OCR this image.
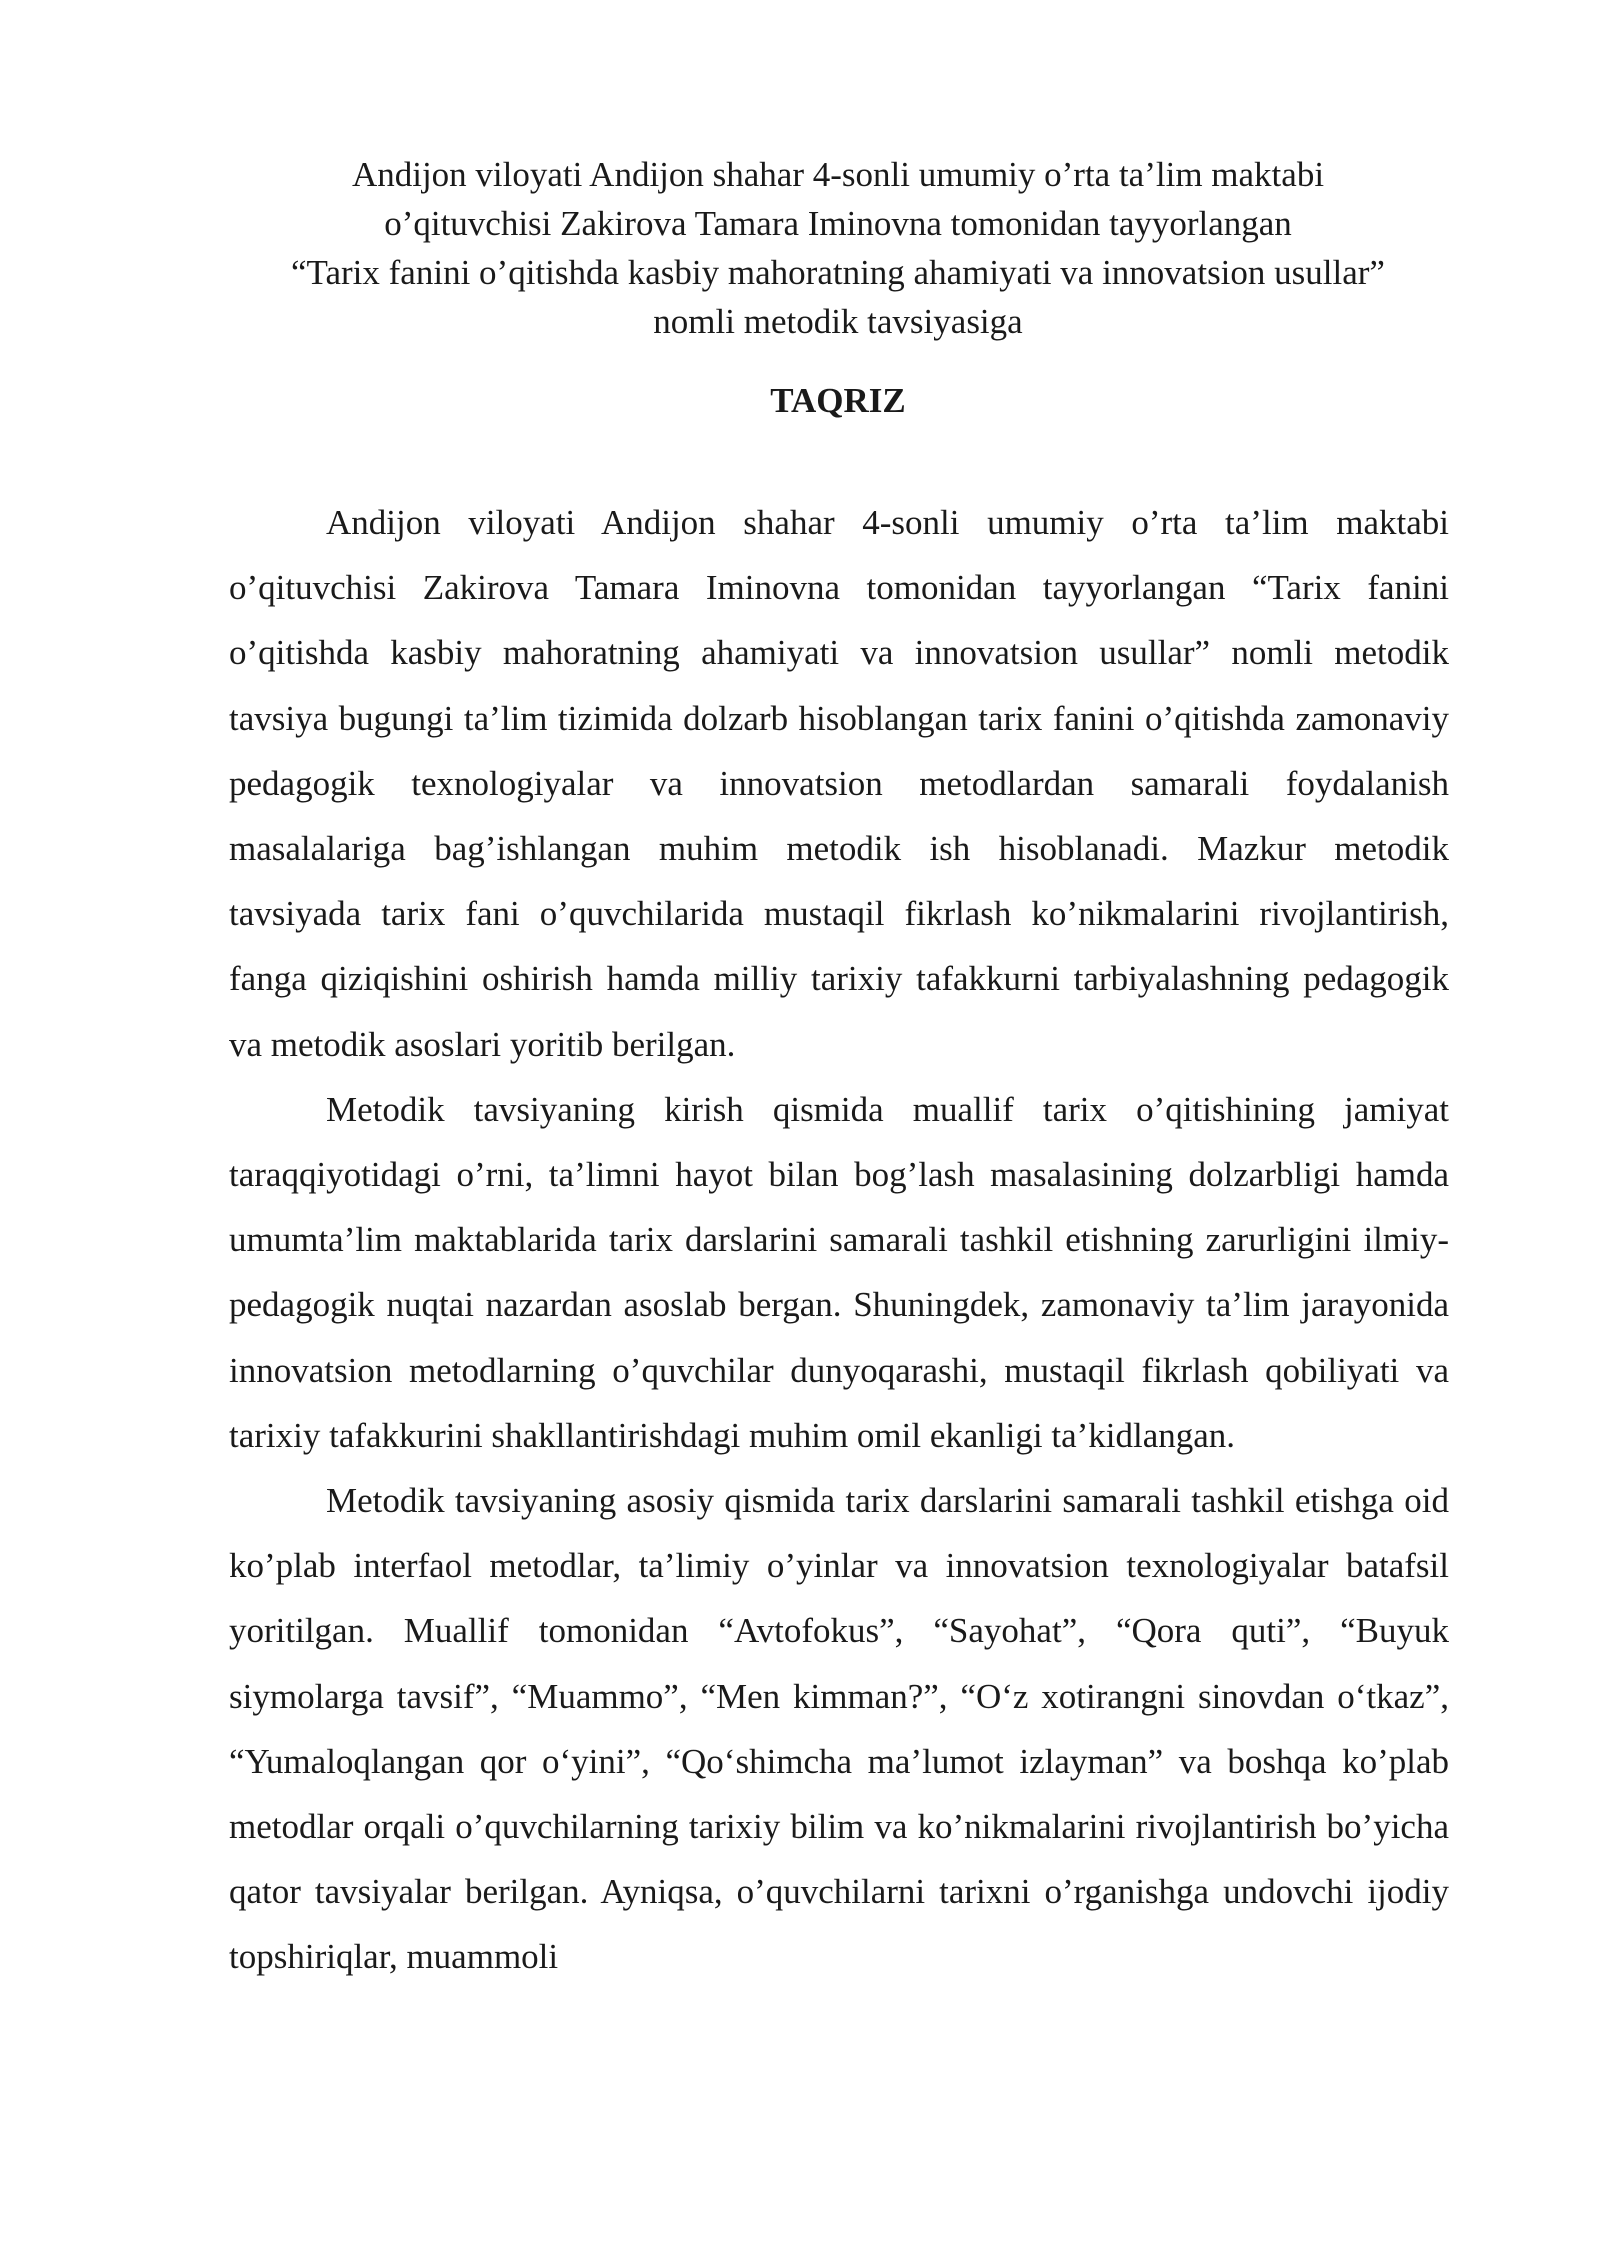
Andijon viloyati Andijon shahar 4-sonli umumiy o’rta ta’lim maktabi
o’qituvchisi Zakirova Tamara Iminovna tomonidan tayyorlangan
“Tarix fanini o’qitishda kasbiy mahoratning ahamiyati va innovatsion usullar”
nomli metodik tavsiyasiga
TAQRIZ

Andijon viloyati Andijon shahar 4-sonli umumiy o’rta ta’lim maktabi o’qituvchisi Zakirova Tamara Iminovna tomonidan tayyorlangan “Tarix fanini o’qitishda kasbiy mahoratning ahamiyati va innovatsion usullar” nomli metodik tavsiya bugungi ta’lim tizimida dolzarb hisoblangan tarix fanini o’qitishda zamonaviy pedagogik texnologiyalar va innovatsion metodlardan samarali foydalanish masalalariga bag’ishlangan muhim metodik ish hisoblanadi. Mazkur metodik tavsiyada tarix fani o’quvchilarida mustaqil fikrlash ko’nikmalarini rivojlantirish, fanga qiziqishini oshirish hamda milliy tarixiy tafakkurni tarbiyalashning pedagogik va metodik asoslari yoritib berilgan.

Metodik tavsiyaning kirish qismida muallif tarix o’qitishining jamiyat taraqqiyotidagi o’rni, ta’limni hayot bilan bog’lash masalasining dolzarbligi hamda umumta’lim maktablarida tarix darslarini samarali tashkil etishning zarurligini ilmiy-pedagogik nuqtai nazardan asoslab bergan. Shuningdek, zamonaviy ta’lim jarayonida innovatsion metodlarning o’quvchilar dunyoqarashi, mustaqil fikrlash qobiliyati va tarixiy tafakkurini shakllantirishdagi muhim omil ekanligi ta’kidlangan.

Metodik tavsiyaning asosiy qismida tarix darslarini samarali tashkil etishga oid ko’plab interfaol metodlar, ta’limiy o’yinlar va innovatsion texnologiyalar batafsil yoritilgan. Muallif tomonidan “Avtofokus”, “Sayohat”, “Qora quti”, “Buyuk siymolarga tavsif”, “Muammo”, “Men kimman?”, “O‘z xotirangni sinovdan o‘tkaz”, “Yumaloqlangan qor o‘yini”, “Qo‘shimcha ma’lumot izlayman” va boshqa ko’plab metodlar orqali o’quvchilarning tarixiy bilim va ko’nikmalarini rivojlantirish bo’yicha qator tavsiyalar berilgan. Ayniqsa, o’quvchilarni tarixni o’rganishga undovchi ijodiy topshiriqlar, muammoli
